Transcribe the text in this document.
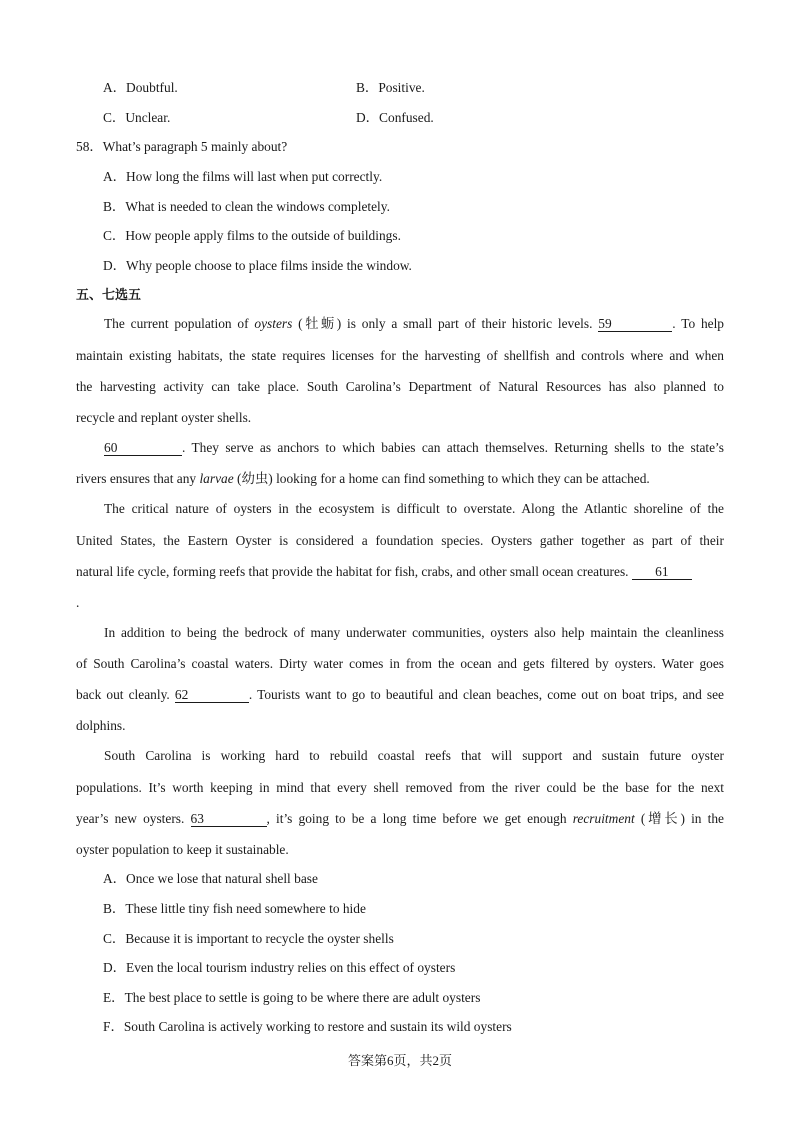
A．Doubtful.	B．Positive.
C．Unclear.	D．Confused.
58．What’s paragraph 5 mainly about?
A．How long the films will last when put correctly.
B．What is needed to clean the windows completely.
C．How people apply films to the outside of buildings.
D．Why people choose to place films inside the window.
五、七选五
The current population of oysters (牡蛎) is only a small part of their historic levels. 59	. To help
maintain existing habitats, the state requires licenses for the harvesting of shellfish and controls where and when
the harvesting activity can take place. South Carolina’s Department of Natural Resources has also planned to
recycle and replant oyster shells.
60	. They serve as anchors to which babies can attach themselves. Returning shells to the state’s
rivers ensures that any larvae (幼虫) looking for a home can find something to which they can be attached.
The critical nature of oysters in the ecosystem is difficult to overstate. Along the Atlantic shoreline of the
United States, the Eastern Oyster is considered a foundation species. Oysters gather together as part of their
natural life cycle, forming reefs that provide the habitat for fish, crabs, and other small ocean creatures. 61
.
In addition to being the bedrock of many underwater communities, oysters also help maintain the cleanliness
of South Carolina’s coastal waters. Dirty water comes in from the ocean and gets filtered by oysters. Water goes
back out cleanly. 62	. Tourists want to go to beautiful and clean beaches, come out on boat trips, and see
dolphins.
South Carolina is working hard to rebuild coastal reefs that will support and sustain future oyster
populations. It’s worth keeping in mind that every shell removed from the river could be the base for the next
year’s new oysters. 63	, it’s going to be a long time before we get enough recruitment (增长) in the
oyster population to keep it sustainable.
A．Once we lose that natural shell base
B．These little tiny fish need somewhere to hide
C．Because it is important to recycle the oyster shells
D．Even the local tourism industry relies on this effect of oysters
E．The best place to settle is going to be where there are adult oysters
F．South Carolina is actively working to restore and sustain its wild oysters
答案第6页，共2页
